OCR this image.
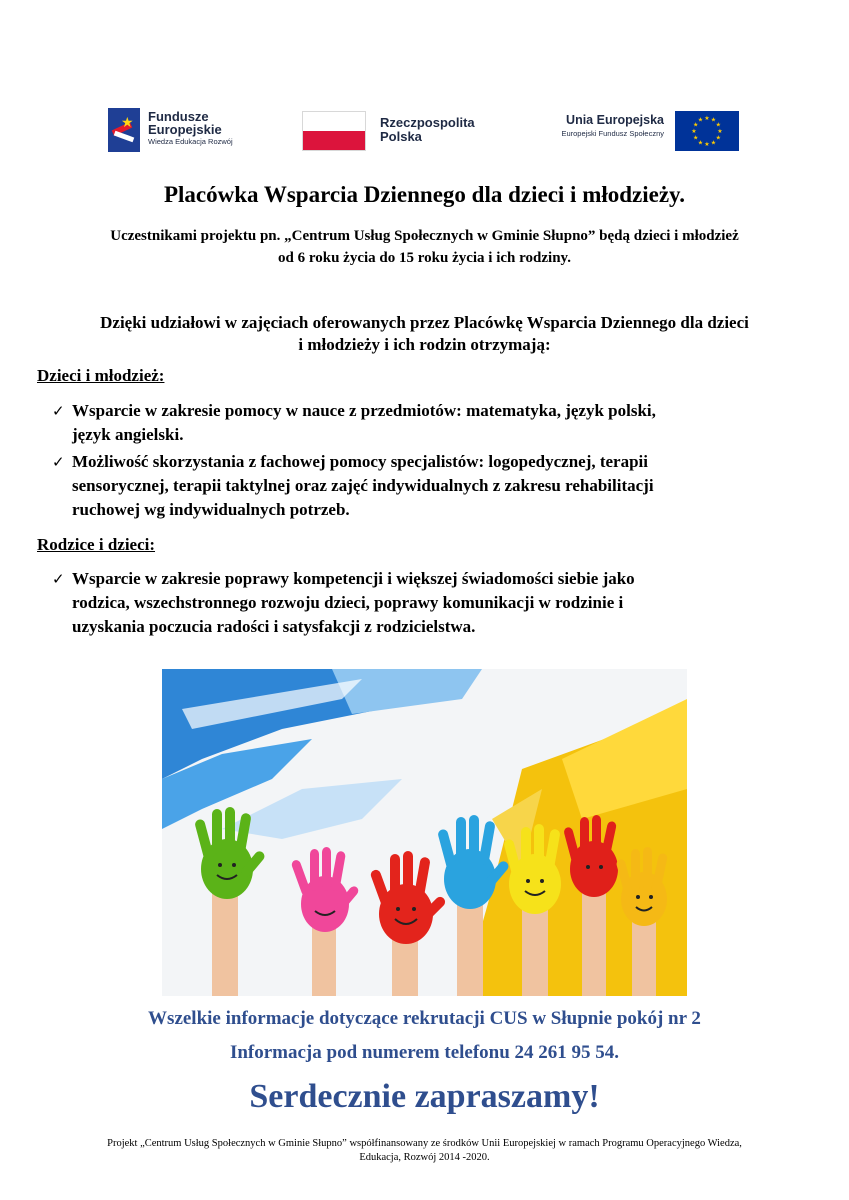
★ Fundusze
Europejskie
Wiedza Edukacja Rozwój
Rzeczpospolita
Polska
Unia Europejska
Europejski Fundusz Społeczny
★ ★
★
★
★
★
★
★
★
★
★
★
Placówka Wsparcia Dziennego dla dzieci i młodzieży.
Uczestnikami projektu pn. „Centrum Usług Społecznych w Gminie Słupno” będą dzieci i młodzież
od 6 roku życia do 15 roku życia i ich rodziny.
Dzięki udziałowi w zajęciach oferowanych przez Placówkę Wsparcia Dziennego dla dzieci
i młodzieży i ich rodzin otrzymają:
Dzieci i młodzież:
✓ Wsparcie w zakresie pomocy w nauce z przedmiotów: matematyka, język polski,
język angielski.
✓ Możliwość skorzystania z fachowej pomocy specjalistów: logopedycznej, terapii
sensorycznej, terapii taktylnej oraz zajęć indywidualnych z zakresu rehabilitacji
ruchowej wg indywidualnych potrzeb.
Rodzice i dzieci:
✓ Wsparcie w zakresie poprawy kompetencji i większej świadomości siebie jako
rodzica, wszechstronnego rozwoju dzieci, poprawy komunikacji w rodzinie i
uzyskania poczucia radości i satysfakcji z rodzicielstwa.
Wszelkie informacje dotyczące rekrutacji CUS w Słupnie pokój nr 2
Informacja pod numerem telefonu 24 261 95 54.
Serdecznie zapraszamy!
Projekt „Centrum Usług Społecznych w Gminie Słupno” współfinansowany ze środków Unii Europejskiej w ramach Programu Operacyjnego Wiedza,
Edukacja, Rozwój 2014 -2020.
